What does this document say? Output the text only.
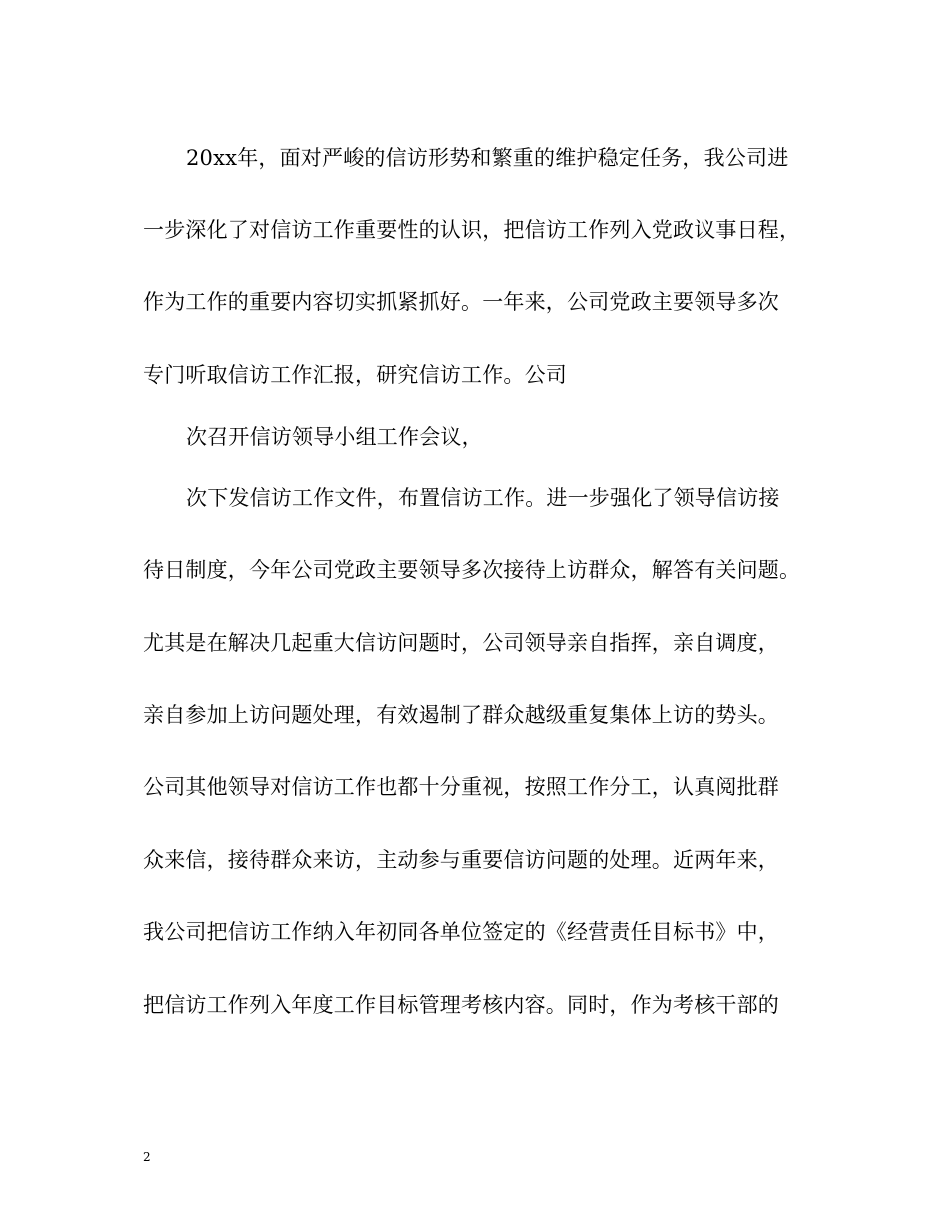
20xx年，面对严峻的信访形势和繁重的维护稳定任务，我公司进
一步深化了对信访工作重要性的认识，把信访工作列入党政议事日程，
作为工作的重要内容切实抓紧抓好。一年来，公司党政主要领导多次
专门听取信访工作汇报，研究信访工作。公司
次召开信访领导小组工作会议，
次下发信访工作文件，布置信访工作。进一步强化了领导信访接
待日制度，今年公司党政主要领导多次接待上访群众，解答有关问题。
尤其是在解决几起重大信访问题时，公司领导亲自指挥，亲自调度，
亲自参加上访问题处理，有效遏制了群众越级重复集体上访的势头。
公司其他领导对信访工作也都十分重视，按照工作分工，认真阅批群
众来信，接待群众来访，主动参与重要信访问题的处理。近两年来，
我公司把信访工作纳入年初同各单位签定的《经营责任目标书》中，
把信访工作列入年度工作目标管理考核内容。同时，作为考核干部的
2
